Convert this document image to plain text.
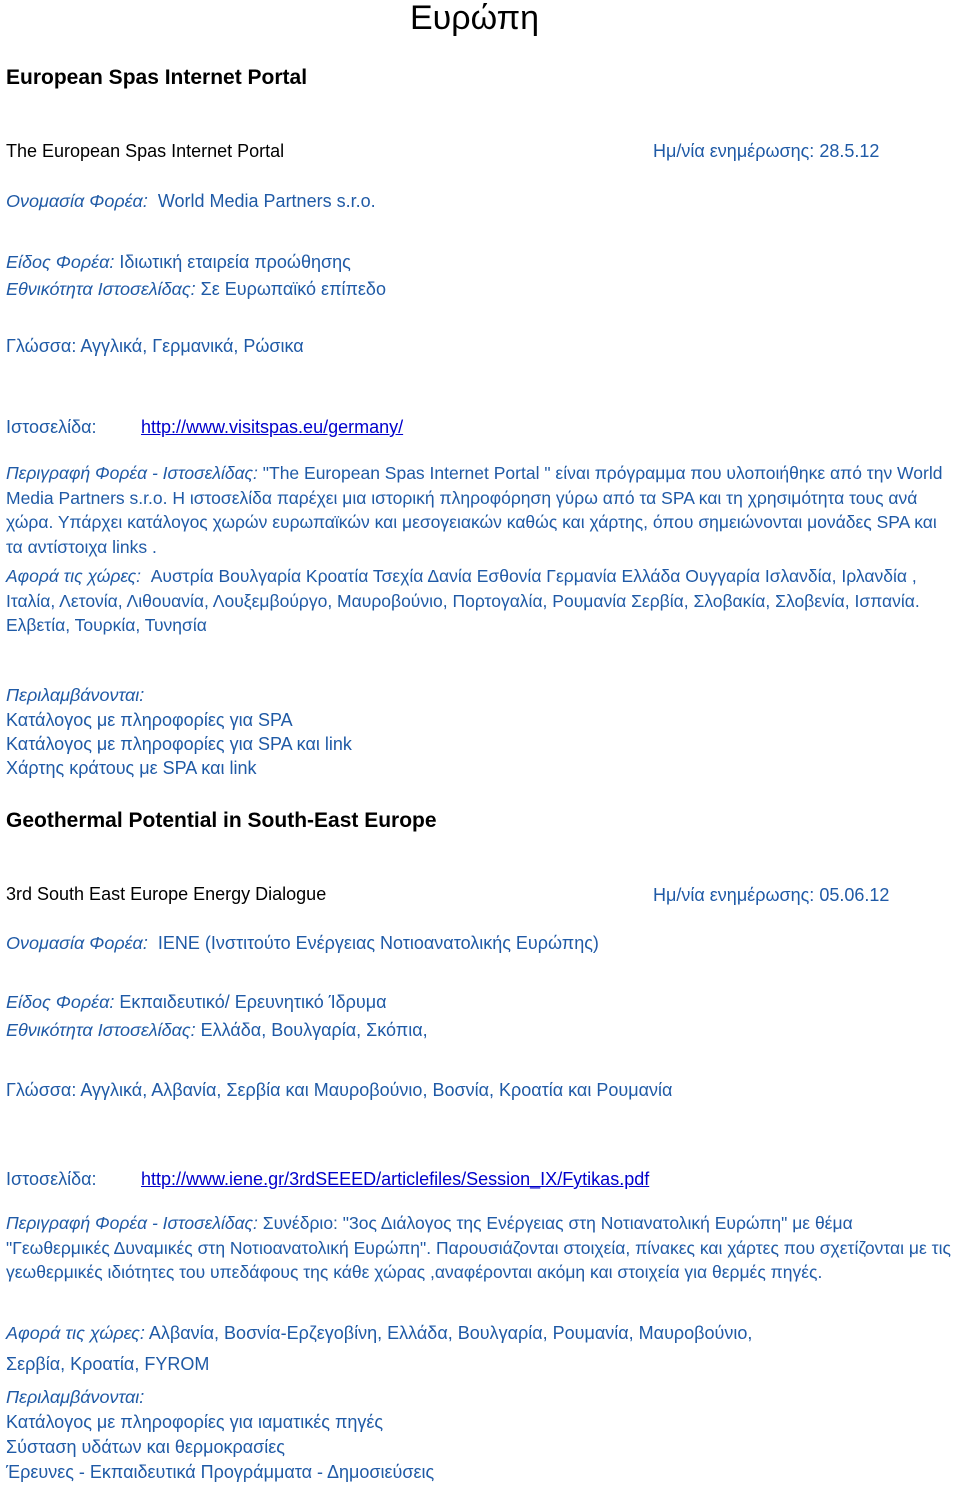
Ευρώπη
European Spas Internet Portal
The European Spas Internet Portal	Ημ/νία ενημέρωσης: 28.5.12
Ονομασία Φορέα: World Media Partners s.r.o.
Είδος Φορέα: Ιδιωτική εταιρεία προώθησης
Εθνικότητα Ιστοσελίδας: Σε Ευρωπαϊκό επίπεδο
Γλώσσα: Αγγλικά, Γερμανικά, Ρώσικα
Ιστοσελίδα: http://www.visitspas.eu/germany/
Περιγραφή Φορέα - Ιστοσελίδας: "The European Spas Internet Portal " είναι πρόγραμμα που υλοποιήθηκε από την World Media Partners s.r.o. Η ιστοσελίδα παρέχει μια ιστορική πληροφόρηση γύρω από τα SPA και τη χρησιμότητα τους ανά χώρα. Υπάρχει κατάλογος χωρών ευρωπαϊκών και μεσογειακών καθώς και χάρτης, όπου σημειώνονται μονάδες SPA και τα αντίστοιχα links .
Αφορά τις χώρες: Αυστρία Βουλγαρία Κροατία Τσεχία Δανία Εσθονία Γερμανία Ελλάδα Ουγγαρία Ισλανδία, Ιρλανδία , Ιταλία, Λετονία, Λιθουανία, Λουξεμβούργο, Μαυροβούνιο, Πορτογαλία, Ρουμανία Σερβία, Σλοβακία, Σλοβενία, Ισπανία. Ελβετία, Τουρκία, Τυνησία
Περιλαμβάνονται:
Κατάλογος με πληροφορίες για SPA
Κατάλογος με πληροφορίες για SPA και link
Χάρτης κράτους με SPA και link
Geothermal Potential in South-East Europe
3rd South East Europe Energy Dialogue	Ημ/νία ενημέρωσης: 05.06.12
Ονομασία Φορέα: IENE (Ινστιτούτο Ενέργειας Νοτιοανατολικής Ευρώπης)
Είδος Φορέα: Εκπαιδευτικό/ Ερευνητικό Ίδρυμα
Εθνικότητα Ιστοσελίδας: Ελλάδα, Βουλγαρία, Σκόπια,
Γλώσσα: Αγγλικά, Αλβανία, Σερβία και Μαυροβούνιο, Βοσνία, Κροατία και Ρουμανία
Ιστοσελίδα: http://www.iene.gr/3rdSEEED/articlefiles/Session_IX/Fytikas.pdf
Περιγραφή Φορέα - Ιστοσελίδας: Συνέδριο: "3ος Διάλογος της Ενέργειας στη Νοτιανατολική Ευρώπη" με θέμα "Γεωθερμικές Δυναμικές στη Νοτιοανατολική Ευρώπη". Παρουσιάζονται στοιχεία, πίνακες και χάρτες που σχετίζονται με τις γεωθερμικές ιδιότητες του υπεδάφους της κάθε χώρας ,αναφέρονται ακόμη και στοιχεία για θερμές πηγές.
Αφορά τις χώρες: Αλβανία, Βοσνία-Ερζεγοβίνη, Ελλάδα, Βουλγαρία, Ρουμανία, Μαυροβούνιο,
Σερβία, Κροατία, FYROM
Περιλαμβάνονται:
Κατάλογος με πληροφορίες για ιαματικές πηγές
Σύσταση υδάτων και θερμοκρασίες
Έρευνες - Εκπαιδευτικά Προγράμματα - Δημοσιεύσεις
